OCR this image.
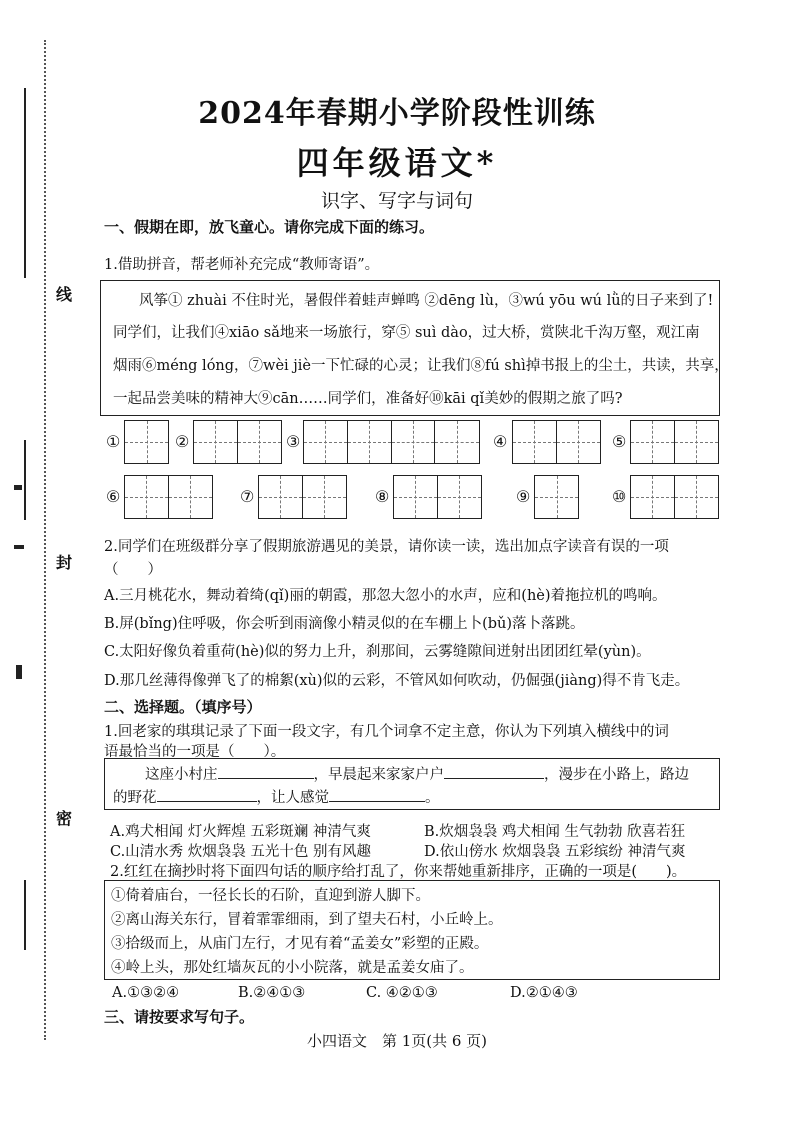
线
封
密
2024年春期小学阶段性训练
四年级语文*
识字、写字与词句
一、假期在即，放飞童心。请你完成下面的练习。
1.借助拼音，帮老师补充完成“教师寄语”。

风筝① zhuài 不住时光，暑假伴着蛙声蝉鸣 ②dēng lù，③wú yōu wú lǜ的日子来到了!

同学们，让我们④xiāo sǎ地来一场旅行，穿⑤ suì dào，过大桥，赏陕北千沟万壑，观江南

烟雨⑥méng lóng，⑦wèi jiè一下忙碌的心灵；让我们⑧fú shì掉书报上的尘土，共读，共享，

一起品尝美味的精神大⑨cān……同学们，准备好⑩kāi qǐ美妙的假期之旅了吗?

①	②	③	④	⑤
⑥	⑦	⑧	⑨	⑩
2.同学们在班级群分享了假期旅游遇见的美景，请你读一读，选出加点字读音有误的一项
（　　）
A.三月桃花水，舞动着绮(qǐ)丽的朝霞，那忽大忽小的水声，应和(hè)着拖拉机的鸣响。
B.屏(bǐng)住呼吸，你会听到雨滴像小精灵似的在车棚上卜(bǔ)落卜落跳。
C.太阳好像负着重荷(hè)似的努力上升，刹那间，云雾缝隙间迸射出团团红晕(yùn)。
D.那几丝薄得像弹飞了的棉絮(xù)似的云彩，不管风如何吹动，仍倔强(jiàng)得不肯飞走。
二、选择题。（填序号）
1.回老家的琪琪记录了下面一段文字，有几个词拿不定主意，你认为下列填入横线中的词
语最恰当的一项是（　　）。

这座小村庄	，早晨起来家家户户	，漫步在小路上，路边

的野花	，让人感觉	。

A.鸡犬相闻 灯火辉煌 五彩斑斓 神清气爽	B.炊烟袅袅 鸡犬相闻 生气勃勃 欣喜若狂
C.山清水秀 炊烟袅袅 五光十色 别有风趣	D.依山傍水 炊烟袅袅 五彩缤纷 神清气爽
2.红红在摘抄时将下面四句话的顺序给打乱了，你来帮她重新排序，正确的一项是(　　)。

①倚着庙台，一径长长的石阶，直迎到游人脚下。

②离山海关东行，冒着霏霏细雨，到了望夫石村，小丘岭上。

③拾级而上，从庙门左行，才见有着“孟姜女”彩塑的正殿。

④岭上头，那处红墙灰瓦的小小院落，就是孟姜女庙了。

A.①③②④	B.②④①③	C. ④②①③	D.②①④③
三、请按要求写句子。
小四语文　第 1页(共 6 页)
